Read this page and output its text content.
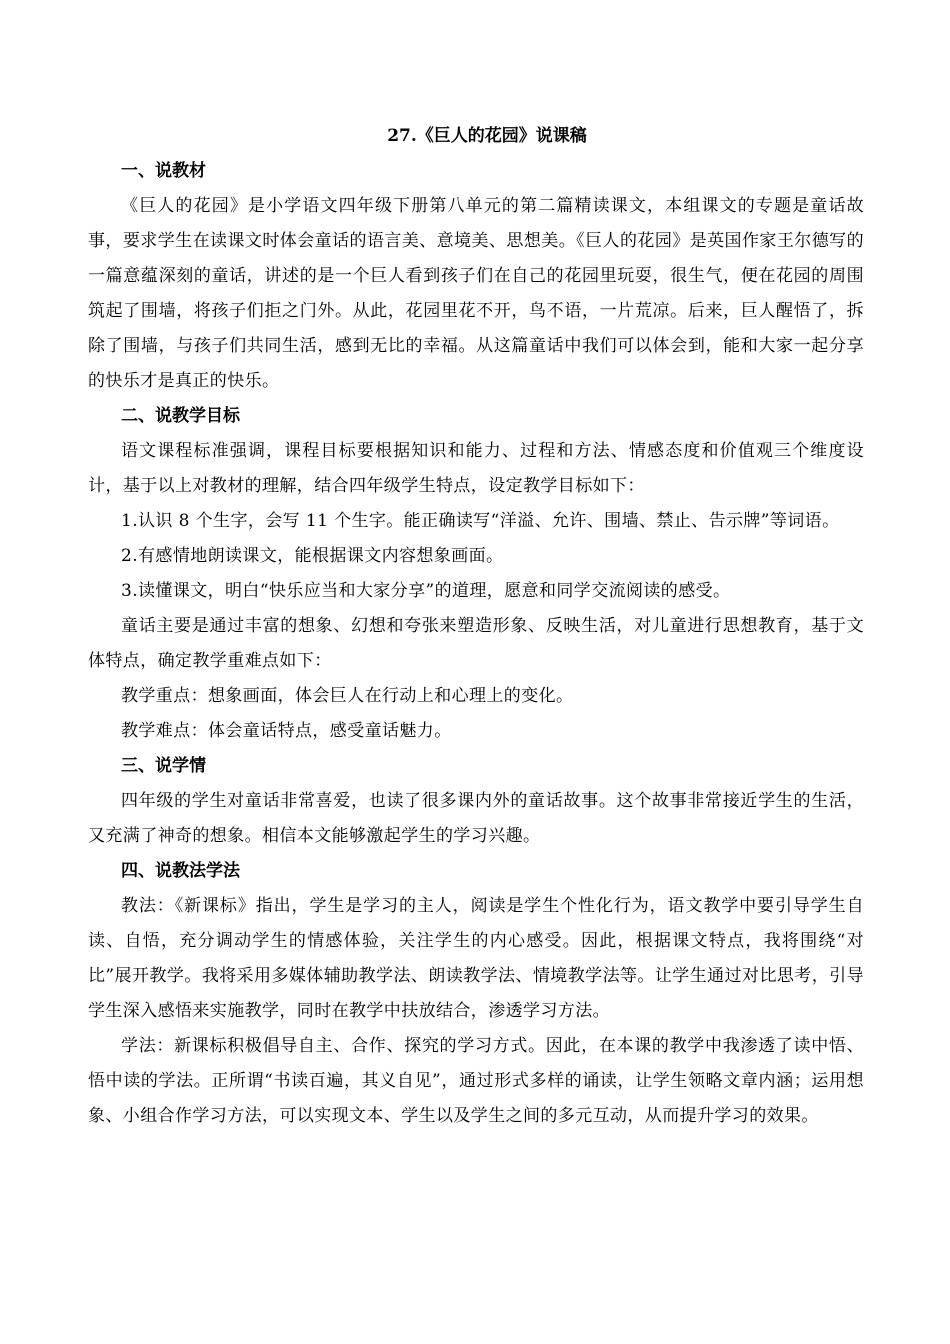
27.《巨人的花园》说课稿

一、说教材

《巨人的花园》是小学语文四年级下册第八单元的第二篇精读课文，本组课文的专题是童话故事，要求学生在读课文时体会童话的语言美、意境美、思想美。《巨人的花园》是英国作家王尔德写的一篇意蕴深刻的童话，讲述的是一个巨人看到孩子们在自己的花园里玩耍，很生气，便在花园的周围筑起了围墙，将孩子们拒之门外。从此，花园里花不开，鸟不语，一片荒凉。后来，巨人醒悟了，拆除了围墙，与孩子们共同生活，感到无比的幸福。从这篇童话中我们可以体会到，能和大家一起分享的快乐才是真正的快乐。

二、说教学目标

语文课程标准强调，课程目标要根据知识和能力、过程和方法、情感态度和价值观三个维度设计，基于以上对教材的理解，结合四年级学生特点，设定教学目标如下：

1.认识 8 个生字，会写 11 个生字。能正确读写“洋溢、允许、围墙、禁止、告示牌”等词语。

2.有感情地朗读课文，能根据课文内容想象画面。

3.读懂课文，明白“快乐应当和大家分享”的道理，愿意和同学交流阅读的感受。

童话主要是通过丰富的想象、幻想和夸张来塑造形象、反映生活，对儿童进行思想教育，基于文体特点，确定教学重难点如下：

教学重点：想象画面，体会巨人在行动上和心理上的变化。

教学难点：体会童话特点，感受童话魅力。

三、说学情

四年级的学生对童话非常喜爱，也读了很多课内外的童话故事。这个故事非常接近学生的生活，又充满了神奇的想象。相信本文能够激起学生的学习兴趣。

四、说教法学法

教法：《新课标》指出，学生是学习的主人，阅读是学生个性化行为，语文教学中要引导学生自读、自悟，充分调动学生的情感体验，关注学生的内心感受。因此，根据课文特点，我将围绕“对比”展开教学。我将采用多媒体辅助教学法、朗读教学法、情境教学法等。让学生通过对比思考，引导学生深入感悟来实施教学，同时在教学中扶放结合，渗透学习方法。

学法：新课标积极倡导自主、合作、探究的学习方式。因此，在本课的教学中我渗透了读中悟、悟中读的学法。正所谓“书读百遍，其义自见”，通过形式多样的诵读，让学生领略文章内涵；运用想象、小组合作学习方法，可以实现文本、学生以及学生之间的多元互动，从而提升学习的效果。
